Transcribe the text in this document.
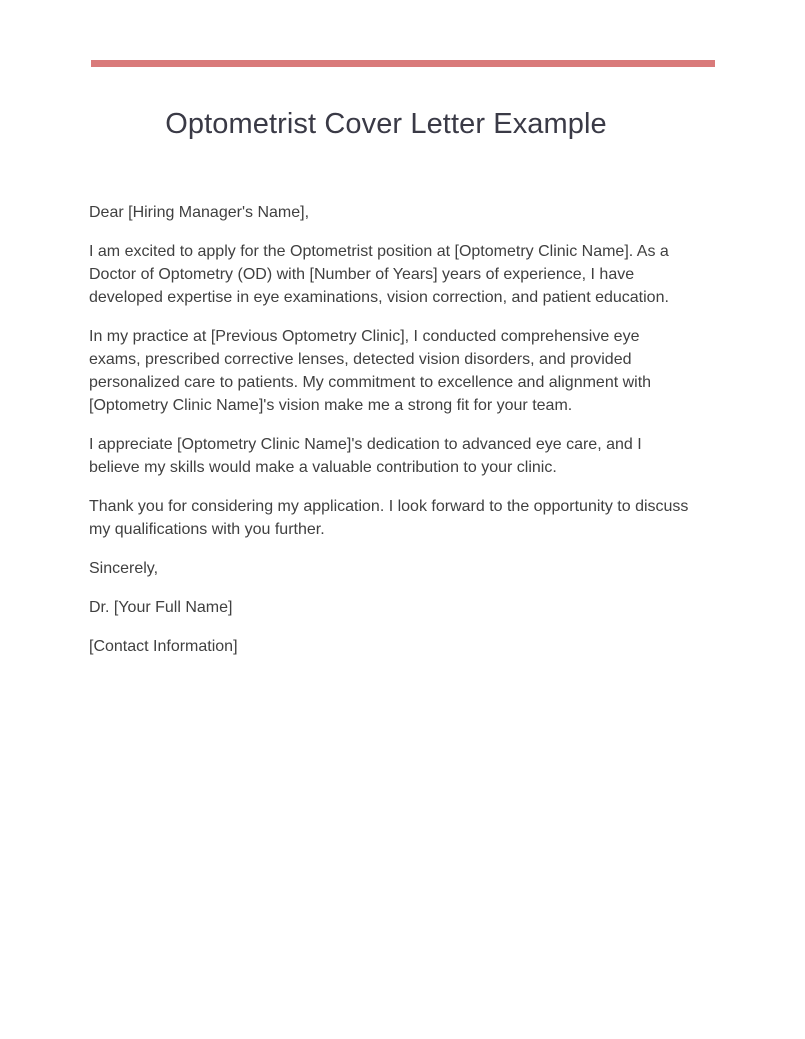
Optometrist Cover Letter Example

Dear [Hiring Manager's Name],

I am excited to apply for the Optometrist position at [Optometry Clinic Name]. As a Doctor of Optometry (OD) with [Number of Years] years of experience, I have developed expertise in eye examinations, vision correction, and patient education.

In my practice at [Previous Optometry Clinic], I conducted comprehensive eye exams, prescribed corrective lenses, detected vision disorders, and provided personalized care to patients. My commitment to excellence and alignment with [Optometry Clinic Name]'s vision make me a strong fit for your team.

I appreciate [Optometry Clinic Name]'s dedication to advanced eye care, and I believe my skills would make a valuable contribution to your clinic.

Thank you for considering my application. I look forward to the opportunity to discuss my qualifications with you further.

Sincerely,

Dr. [Your Full Name]

[Contact Information]
